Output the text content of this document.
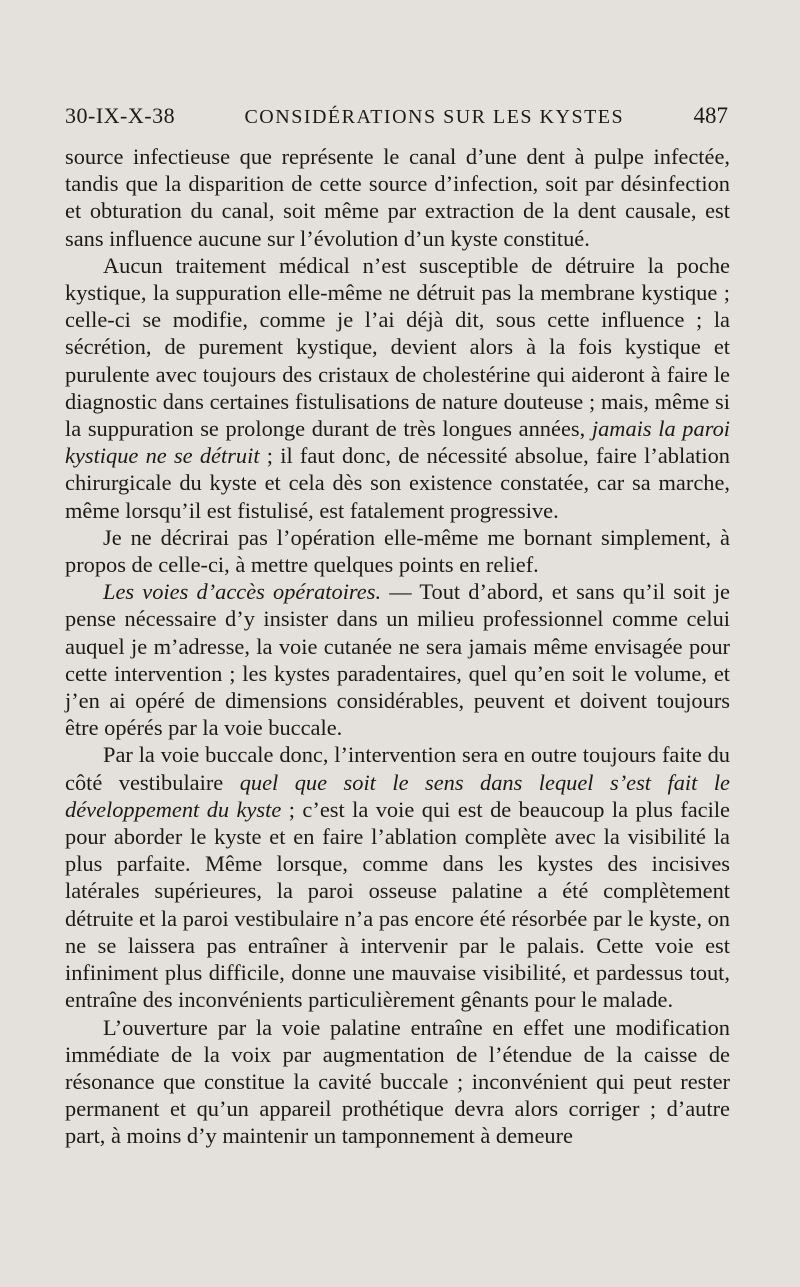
30-IX-X-38	CONSIDÉRATIONS SUR LES KYSTES	487

source infectieuse que représente le canal d’une dent à pulpe infectée, tandis que la disparition de cette source d’infection, soit par désinfection et obturation du canal, soit même par extraction de la dent causale, est sans influence aucune sur l’évolution d’un kyste constitué.

Aucun traitement médical n’est susceptible de détruire la poche kystique, la suppuration elle-même ne détruit pas la membrane kystique ; celle-ci se modifie, comme je l’ai déjà dit, sous cette influence ; la sécrétion, de purement kystique, devient alors à la fois kystique et purulente avec toujours des cristaux de cholestérine qui aideront à faire le diagnostic dans certaines fistulisations de nature douteuse ; mais, même si la suppuration se prolonge durant de très longues années, jamais la paroi kystique ne se détruit ; il faut donc, de nécessité absolue, faire l’ablation chirurgicale du kyste et cela dès son existence constatée, car sa marche, même lorsqu’il est fistulisé, est fatalement progressive.

Je ne décrirai pas l’opération elle-même me bornant simplement, à propos de celle-ci, à mettre quelques points en relief.

Les voies d’accès opératoires. — Tout d’abord, et sans qu’il soit je pense nécessaire d’y insister dans un milieu professionnel comme celui auquel je m’adresse, la voie cutanée ne sera jamais même envisagée pour cette intervention ; les kystes paradentaires, quel qu’en soit le volume, et j’en ai opéré de dimensions considérables, peuvent et doivent toujours être opérés par la voie buccale.

Par la voie buccale donc, l’intervention sera en outre toujours faite du côté vestibulaire quel que soit le sens dans lequel s’est fait le développement du kyste ; c’est la voie qui est de beaucoup la plus facile pour aborder le kyste et en faire l’ablation complète avec la visibilité la plus parfaite. Même lorsque, comme dans les kystes des incisives latérales supérieures, la paroi osseuse palatine a été complètement détruite et la paroi vestibulaire n’a pas encore été résorbée par le kyste, on ne se laissera pas entraîner à intervenir par le palais. Cette voie est infiniment plus difficile, donne une mauvaise visibilité, et pardessus tout, entraîne des inconvénients particulièrement gênants pour le malade.

L’ouverture par la voie palatine entraîne en effet une modification immédiate de la voix par augmentation de l’étendue de la caisse de résonance que constitue la cavité buccale ; inconvénient qui peut rester permanent et qu’un appareil prothétique devra alors corriger ; d’autre part, à moins d’y maintenir un tamponnement à demeure
